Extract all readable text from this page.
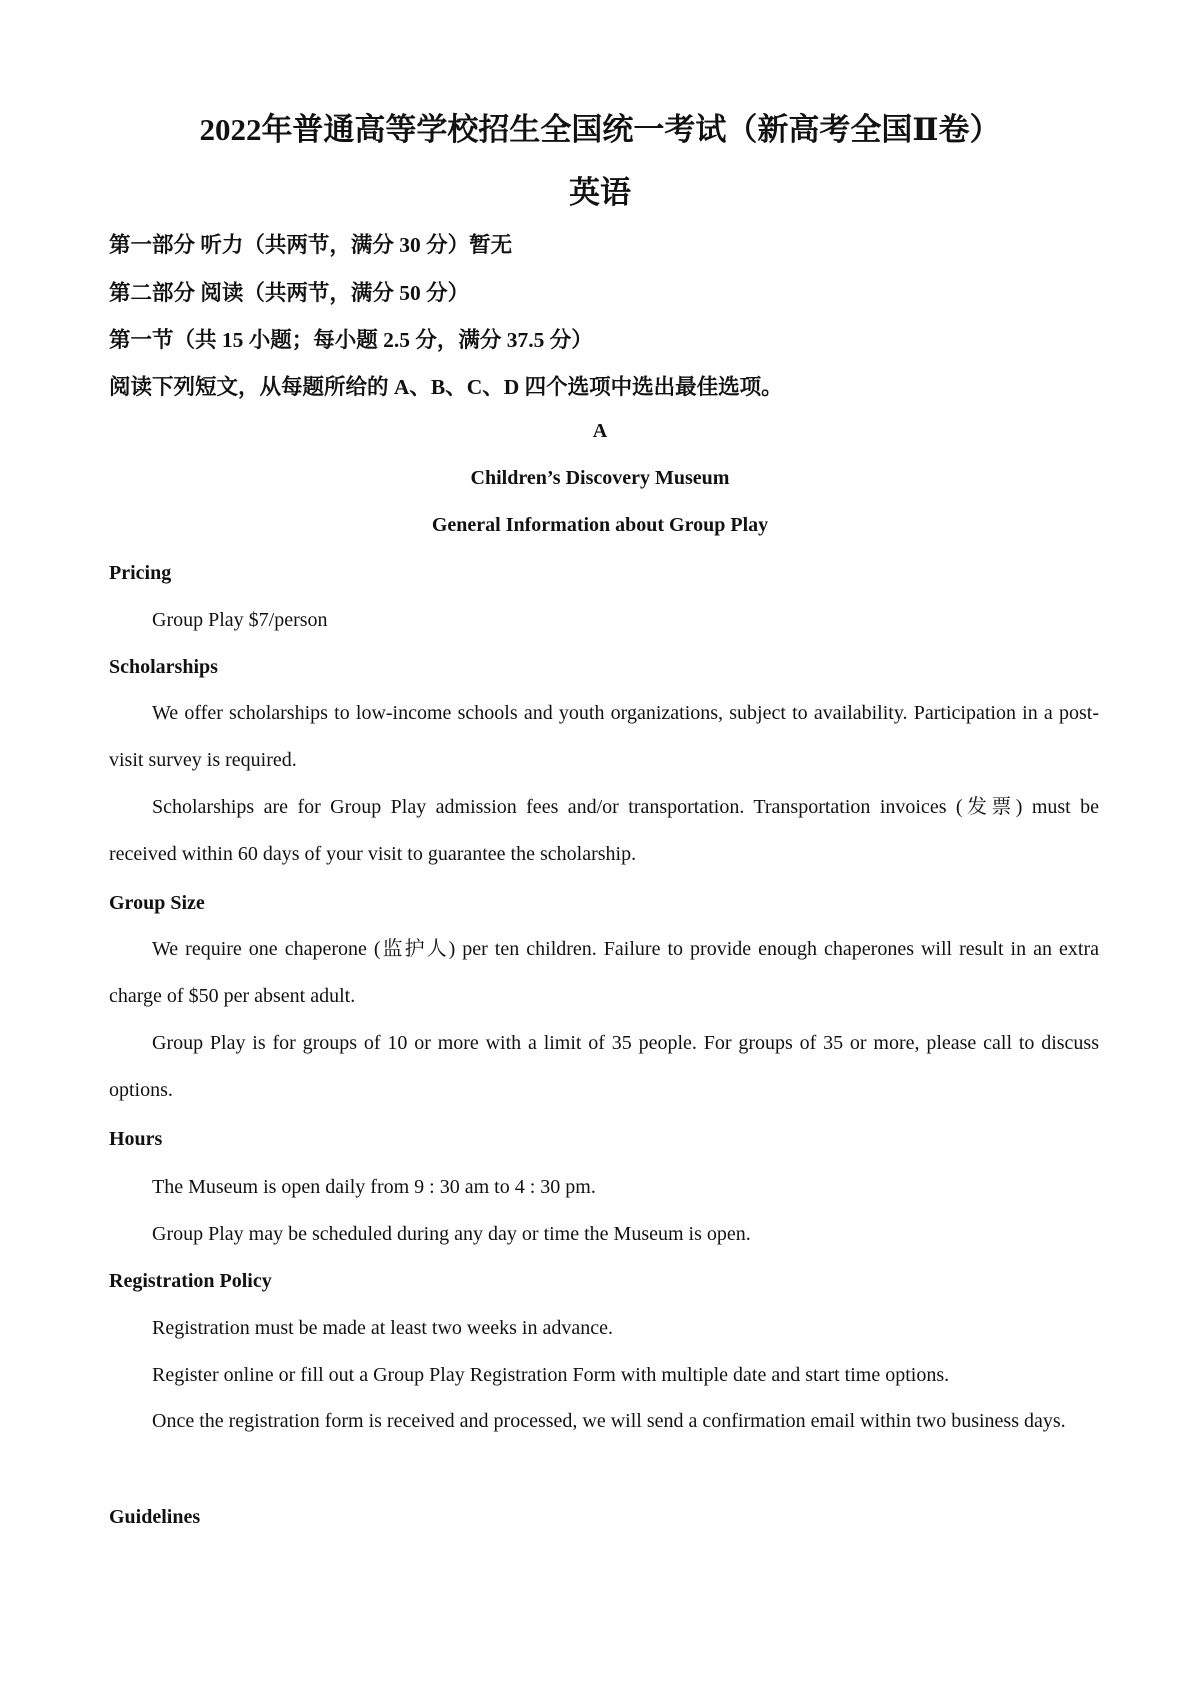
2022年普通高等学校招生全国统一考试（新高考全国Ⅱ卷）
英语
第一部分 听力（共两节，满分 30 分）暂无
第二部分 阅读（共两节，满分 50 分）
第一节（共 15 小题；每小题 2.5 分，满分 37.5 分）
阅读下列短文，从每题所给的 A、B、C、D 四个选项中选出最佳选项。
A
Children’s Discovery Museum
General Information about Group Play
Pricing
Group Play $7/person
Scholarships
We offer scholarships to low-income schools and youth organizations, subject to availability. Participation in a post-visit survey is required.
Scholarships are for Group Play admission fees and/or transportation. Transportation invoices (发票) must be received within 60 days of your visit to guarantee the scholarship.
Group Size
We require one chaperone (监护人) per ten children. Failure to provide enough chaperones will result in an extra charge of $50 per absent adult.
Group Play is for groups of 10 or more with a limit of 35 people. For groups of 35 or more, please call to discuss options.
Hours
The Museum is open daily from 9 : 30 am to 4 : 30 pm.
Group Play may be scheduled during any day or time the Museum is open.
Registration Policy
Registration must be made at least two weeks in advance.
Register online or fill out a Group Play Registration Form with multiple date and start time options.
Once the registration form is received and processed, we will send a confirmation email within two business days.
Guidelines
